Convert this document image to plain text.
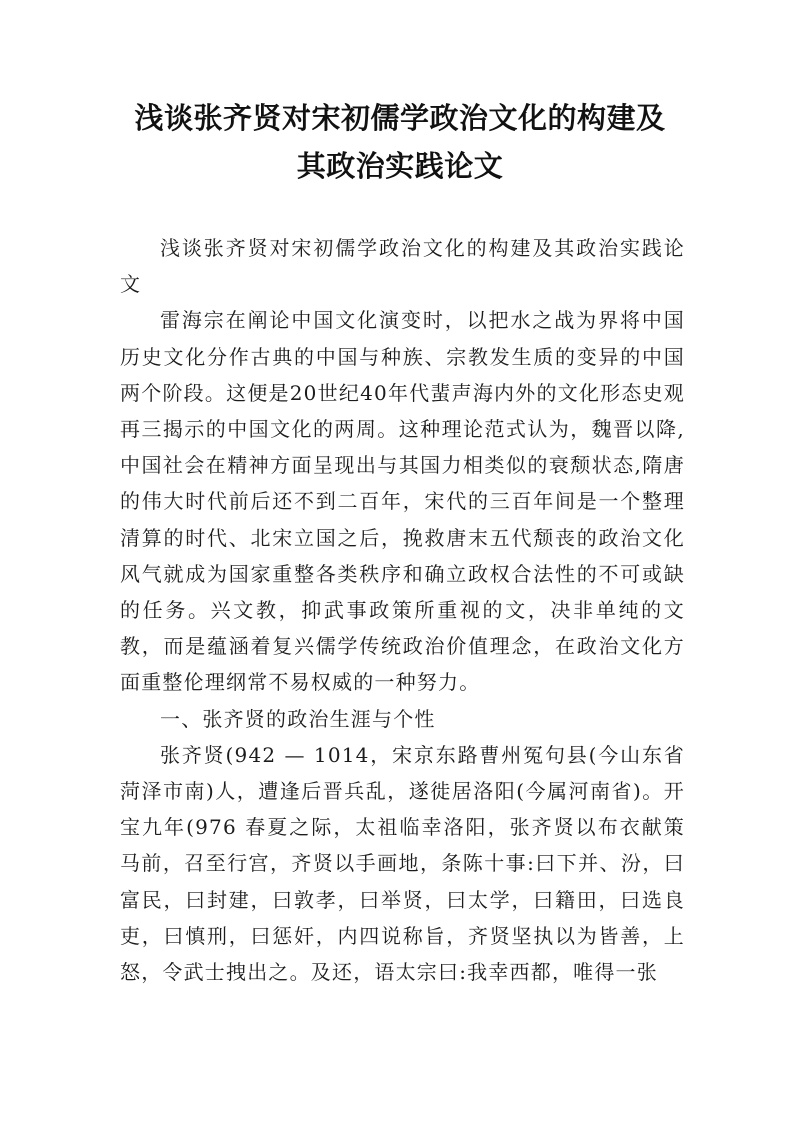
浅谈张齐贤对宋初儒学政治文化的构建及
其政治实践论文

浅谈张齐贤对宋初儒学政治文化的构建及其政治实践论文

雷海宗在阐论中国文化演变时，以把水之战为界将中国历史文化分作古典的中国与种族、宗教发生质的变异的中国两个阶段。这便是20世纪40年代蜚声海内外的文化形态史观再三揭示的中国文化的两周。这种理论范式认为，魏晋以降,中国社会在精神方面呈现出与其国力相类似的衰颓状态,隋唐的伟大时代前后还不到二百年，宋代的三百年间是一个整理清算的时代、北宋立国之后，挽救唐末五代颓丧的政治文化风气就成为国家重整各类秩序和确立政权合法性的不可或缺的任务。兴文教，抑武事政策所重视的文，决非单纯的文教，而是蕴涵着复兴儒学传统政治价值理念，在政治文化方面重整伦理纲常不易权威的一种努力。

一、张齐贤的政治生涯与个性

张齐贤(942 — 1014，宋京东路曹州冤句县(今山东省菏泽市南)人，遭逢后晋兵乱，遂徙居洛阳(今属河南省)。开宝九年(976 春夏之际，太祖临幸洛阳，张齐贤以布衣献策马前，召至行宫，齐贤以手画地，条陈十事:曰下并、汾，曰富民，曰封建，曰敦孝，曰举贤，曰太学，曰籍田，曰选良吏，曰慎刑，曰惩奸，内四说称旨，齐贤坚执以为皆善，上怒，令武士拽出之。及还，语太宗曰:我幸西都，唯得一张
